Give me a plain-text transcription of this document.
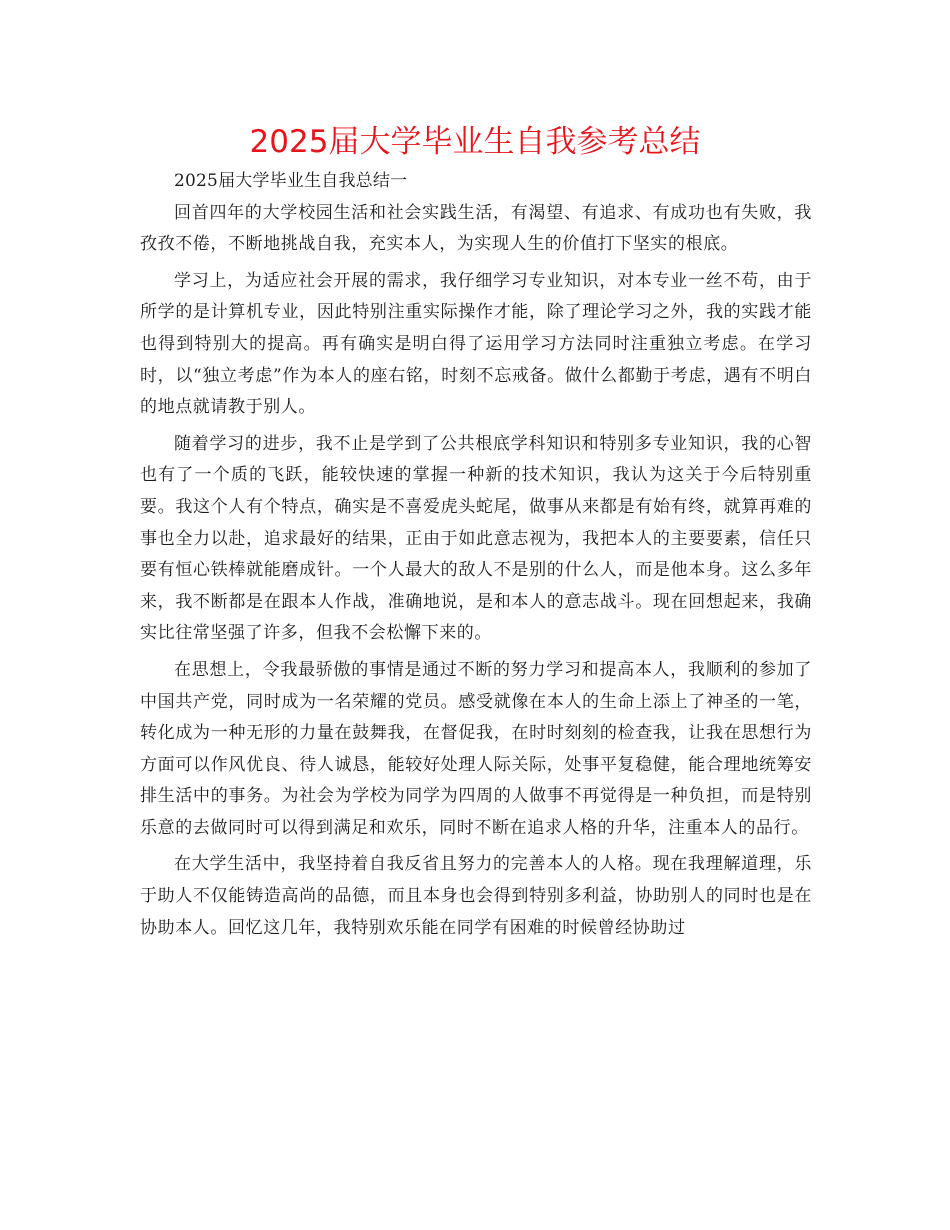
2025届大学毕业生自我参考总结

2025届大学毕业生自我总结一

回首四年的大学校园生活和社会实践生活，有渴望、有追求、有成功也有失败，我孜孜不倦，不断地挑战自我，充实本人，为实现人生的价值打下坚实的根底。

学习上，为适应社会开展的需求，我仔细学习专业知识，对本专业一丝不苟，由于所学的是计算机专业，因此特别注重实际操作才能，除了理论学习之外，我的实践才能也得到特别大的提高。再有确实是明白得了运用学习方法同时注重独立考虑。在学习时，以“独立考虑”作为本人的座右铭，时刻不忘戒备。做什么都勤于考虑，遇有不明白的地点就请教于别人。

随着学习的进步，我不止是学到了公共根底学科知识和特别多专业知识，我的心智也有了一个质的飞跃，能较快速的掌握一种新的技术知识，我认为这关于今后特别重要。我这个人有个特点，确实是不喜爱虎头蛇尾，做事从来都是有始有终，就算再难的事也全力以赴，追求最好的结果，正由于如此意志视为，我把本人的主要要素，信任只要有恒心铁棒就能磨成针。一个人最大的敌人不是别的什么人，而是他本身。这么多年来，我不断都是在跟本人作战，准确地说，是和本人的意志战斗。现在回想起来，我确实比往常坚强了许多，但我不会松懈下来的。

在思想上，令我最骄傲的事情是通过不断的努力学习和提高本人，我顺利的参加了中国共产党，同时成为一名荣耀的党员。感受就像在本人的生命上添上了神圣的一笔，转化成为一种无形的力量在鼓舞我，在督促我，在时时刻刻的检查我，让我在思想行为方面可以作风优良、待人诚恳，能较好处理人际关际，处事平复稳健，能合理地统筹安排生活中的事务。为社会为学校为同学为四周的人做事不再觉得是一种负担，而是特别乐意的去做同时可以得到满足和欢乐，同时不断在追求人格的升华，注重本人的品行。

在大学生活中，我坚持着自我反省且努力的完善本人的人格。现在我理解道理，乐于助人不仅能铸造高尚的品德，而且本身也会得到特别多利益，协助别人的同时也是在协助本人。回忆这几年，我特别欢乐能在同学有困难的时候曾经协助过
